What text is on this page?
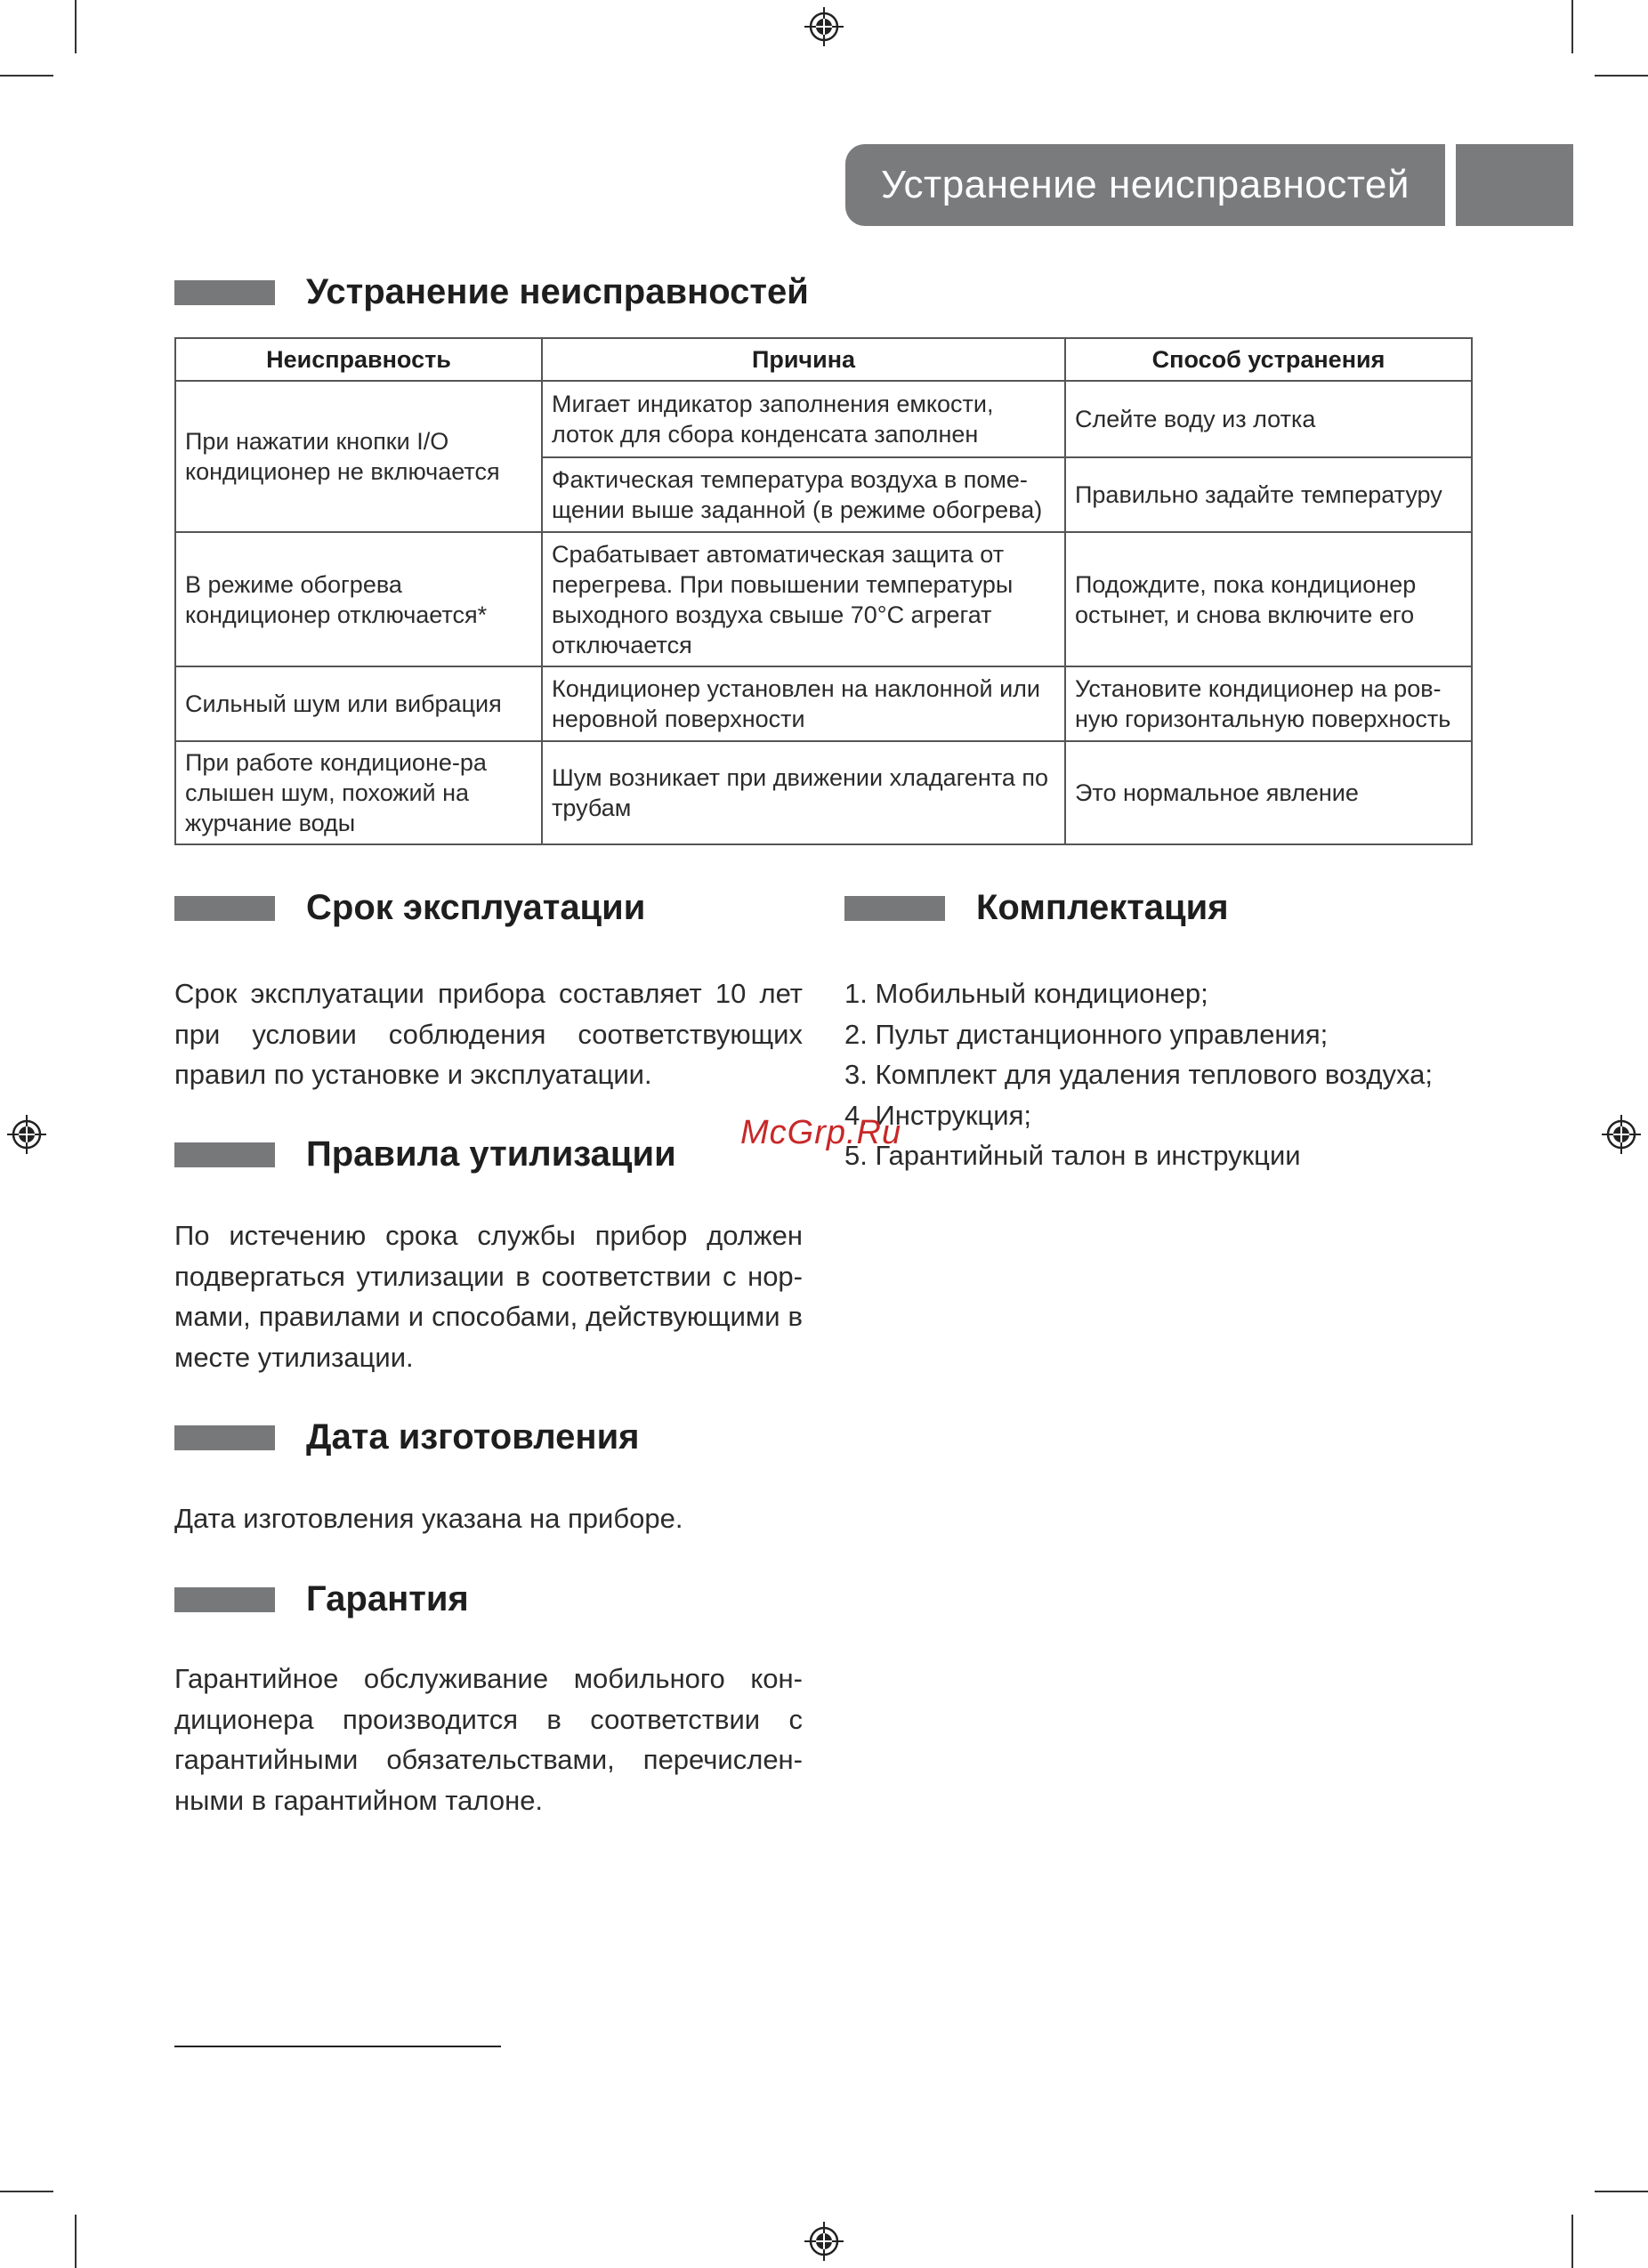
Устранение неисправностей
Устранение неисправностей
Неисправность	Причина	Способ устранения
При нажатии кнопки I/O кондиционер не включается	Мигает индикатор заполнения емкости, лоток для сбора конденсата заполнен	Слейте воду из лотка
	Фактическая температура воздуха в поме-щении выше заданной (в режиме обогрева)	Правильно задайте температуру
В режиме обогрева кондиционер отключается*	Срабатывает автоматическая защита от перегрева. При повышении температуры выходного воздуха свыше 70°С агрегат отключается	Подождите, пока кондиционер остынет, и снова включите его
Сильный шум или вибрация	Кондиционер установлен на наклонной или неровной поверхности	Установите кондиционер на ров-ную горизонтальную поверхность
При работе кондиционе-ра слышен шум, похожий на журчание воды	Шум возникает при движении хладагента по трубам	Это нормальное явление
Срок эксплуатации
Срок эксплуатации прибора составляет 10 лет при условии соблюдения соответствующих правил по установке и эксплуатации.
Правила утилизации
По истечению срока службы прибор должен подвергаться утилизации в соответствии с нор-мами, правилами и способами, действующими в месте утилизации.
Дата изготовления
Дата изготовления указана на приборе.
Гарантия
Гарантийное обслуживание мобильного кон-диционера производится в соответствии с гарантийными обязательствами, перечислен-ными в гарантийном талоне.
Комплектация
1. Мобильный кондиционер;
2. Пульт дистанционного управления;
3. Комплект для удаления теплового воздуха;
4. Инструкция;
5. Гарантийный талон в инструкции
McGrp.Ru
